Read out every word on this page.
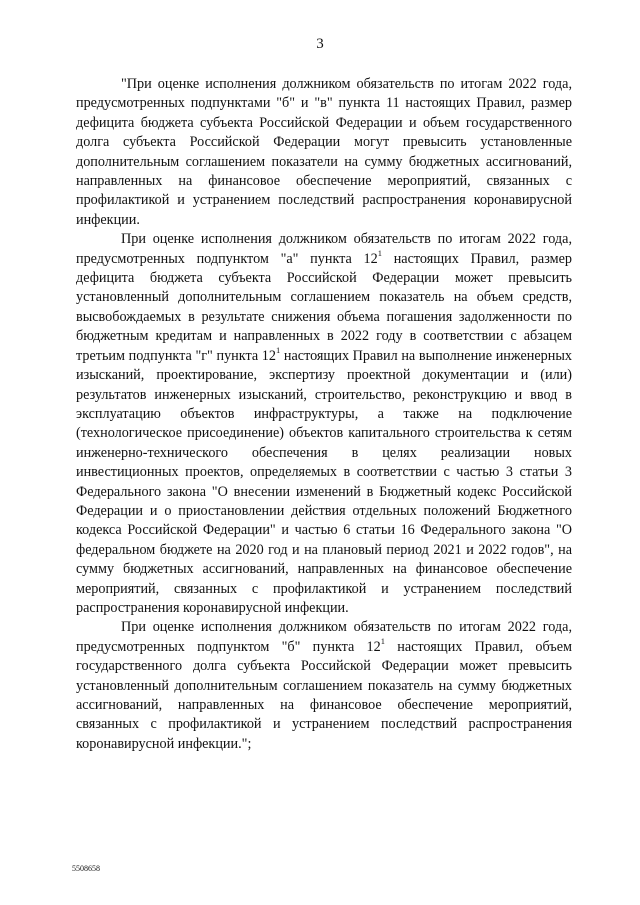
3

"При оценке исполнения должником обязательств по итогам 2022 года, предусмотренных подпунктами "б" и "в" пункта 11 настоящих Правил, размер дефицита бюджета субъекта Российской Федерации и объем государственного долга субъекта Российской Федерации могут превысить установленные дополнительным соглашением показатели на сумму бюджетных ассигнований, направленных на финансовое обеспечение мероприятий, связанных с профилактикой и устранением последствий распространения коронавирусной инфекции.

При оценке исполнения должником обязательств по итогам 2022 года, предусмотренных подпунктом "а" пункта $12^1$ настоящих Правил, размер дефицита бюджета субъекта Российской Федерации может превысить установленный дополнительным соглашением показатель на объем средств, высвобождаемых в результате снижения объема погашения задолженности по бюджетным кредитам и направленных в 2022 году в соответствии с абзацем третьим подпункта "г" пункта $12^1$ настоящих Правил на выполнение инженерных изысканий, проектирование, экспертизу проектной документации и (или) результатов инженерных изысканий, строительство, реконструкцию и ввод в эксплуатацию объектов инфраструктуры, а также на подключение (технологическое присоединение) объектов капитального строительства к сетям инженерно-технического обеспечения в целях реализации новых инвестиционных проектов, определяемых в соответствии с частью 3 статьи 3 Федерального закона "О внесении изменений в Бюджетный кодекс Российской Федерации и о приостановлении действия отдельных положений Бюджетного кодекса Российской Федерации" и частью 6 статьи 16 Федерального закона "О федеральном бюджете на 2020 год и на плановый период 2021 и 2022 годов", на сумму бюджетных ассигнований, направленных на финансовое обеспечение мероприятий, связанных с профилактикой и устранением последствий распространения коронавирусной инфекции.

При оценке исполнения должником обязательств по итогам 2022 года, предусмотренных подпунктом "б" пункта $12^1$ настоящих Правил, объем государственного долга субъекта Российской Федерации может превысить установленный дополнительным соглашением показатель на сумму бюджетных ассигнований, направленных на финансовое обеспечение мероприятий, связанных с профилактикой и устранением последствий распространения коронавирусной инфекции.";

5508658
